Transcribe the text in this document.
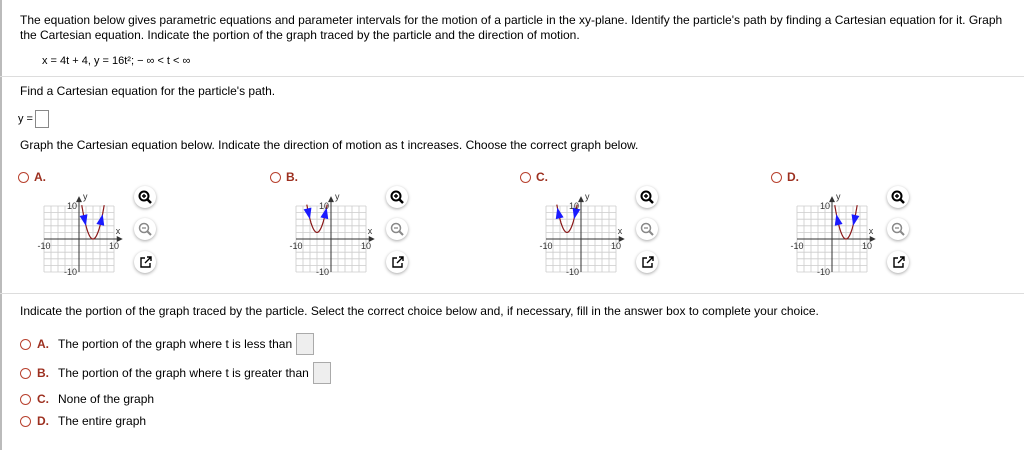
The equation below gives parametric equations and parameter intervals for the motion of a particle in the xy-plane. Identify the particle's path by finding a Cartesian equation for it. Graph the Cartesian equation. Indicate the portion of the graph traced by the particle and the direction of motion.
x = 4t + 4, y = 16t²; − ∞ < t < ∞
Find a Cartesian equation for the particle's path.
y =
Graph the Cartesian equation below. Indicate the direction of motion as t increases. Choose the correct graph below.
A.
y
x
10
-10
-10	10
B.
y
x
10
-10
-10	10
C.
y
x
10
-10
-10	10
D.
y
x
10
-10
-10	10
Indicate the portion of the graph traced by the particle. Select the correct choice below and, if necessary, fill in the answer box to complete your choice.
A. The portion of the graph where t is less than
B. The portion of the graph where t is greater than
C. None of the graph
D. The entire graph
